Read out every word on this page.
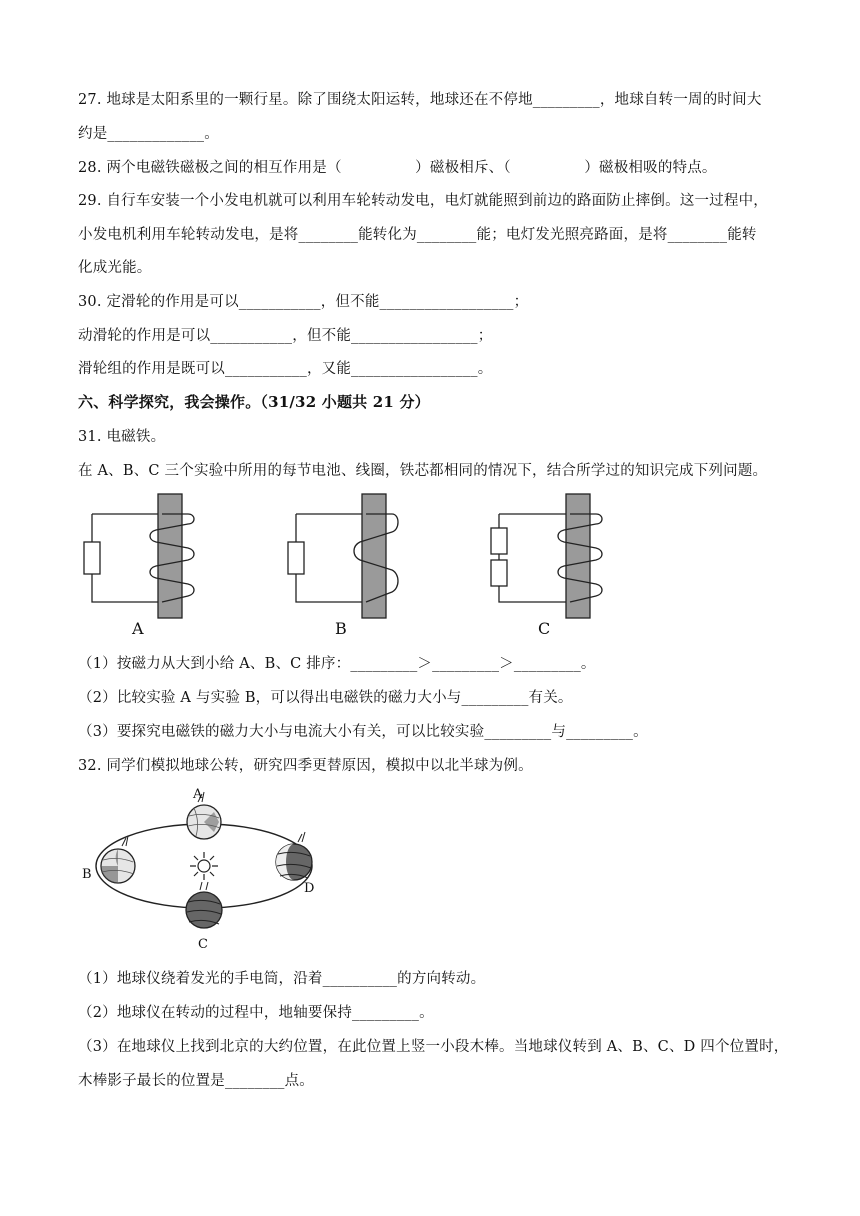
27. 地球是太阳系里的一颗行星。除了围绕太阳运转，地球还在不停地_________，地球自转一周的时间大
约是_____________。
28. 两个电磁铁磁极之间的相互作用是（　　　　　）磁极相斥、（　　　　　）磁极相吸的特点。
29. 自行车安装一个小发电机就可以利用车轮转动发电，电灯就能照到前边的路面防止摔倒。这一过程中，
小发电机利用车轮转动发电，是将________能转化为________能；电灯发光照亮路面，是将________能转
化成光能。
30. 定滑轮的作用是可以___________，但不能__________________；
动滑轮的作用是可以___________，但不能_________________；
滑轮组的作用是既可以___________，又能_________________。
六、科学探究，我会操作。（31/32 小题共 21 分）
31. 电磁铁。
在 A、B、C 三个实验中所用的每节电池、线圈，铁芯都相同的情况下，结合所学过的知识完成下列问题。
A	B	C
（1）按磁力从大到小给 A、B、C 排序：_________＞_________＞_________。
（2）比较实验 A 与实验 B，可以得出电磁铁的磁力大小与_________有关。
（3）要探究电磁铁的磁力大小与电流大小有关，可以比较实验_________与_________。
32. 同学们模拟地球公转，研究四季更替原因，模拟中以北半球为例。
A
B
C
D
（1）地球仪绕着发光的手电筒，沿着__________的方向转动。
（2）地球仪在转动的过程中，地轴要保持_________。
（3）在地球仪上找到北京的大约位置，在此位置上竖一小段木棒。当地球仪转到 A、B、C、D 四个位置时，
木棒影子最长的位置是________点。
